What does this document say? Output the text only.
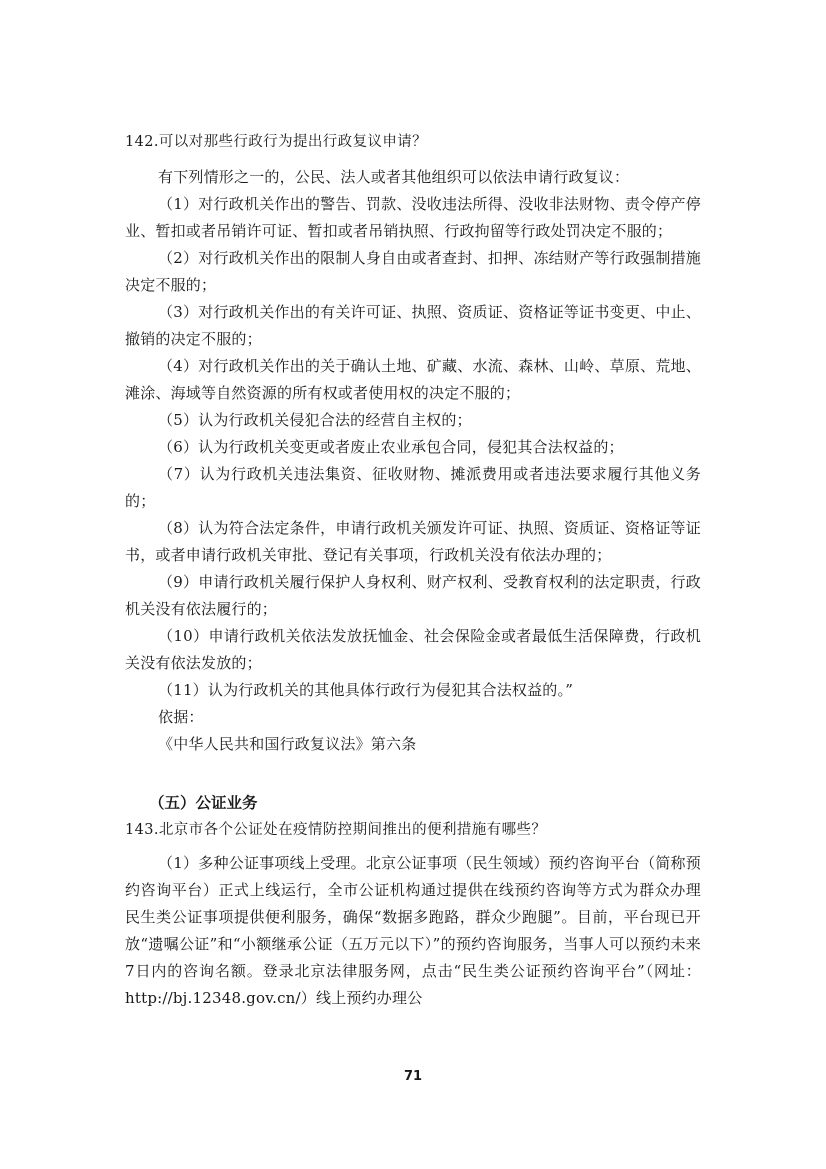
142.可以对那些行政行为提出行政复议申请？

有下列情形之一的，公民、法人或者其他组织可以依法申请行政复议：

（1）对行政机关作出的警告、罚款、没收违法所得、没收非法财物、责令停产停业、暂扣或者吊销许可证、暂扣或者吊销执照、行政拘留等行政处罚决定不服的；

（2）对行政机关作出的限制人身自由或者查封、扣押、冻结财产等行政强制措施决定不服的；

（3）对行政机关作出的有关许可证、执照、资质证、资格证等证书变更、中止、撤销的决定不服的；

（4）对行政机关作出的关于确认土地、矿藏、水流、森林、山岭、草原、荒地、滩涂、海域等自然资源的所有权或者使用权的决定不服的；

（5）认为行政机关侵犯合法的经营自主权的；

（6）认为行政机关变更或者废止农业承包合同，侵犯其合法权益的；

（7）认为行政机关违法集资、征收财物、摊派费用或者违法要求履行其他义务的；

（8）认为符合法定条件，申请行政机关颁发许可证、执照、资质证、资格证等证书，或者申请行政机关审批、登记有关事项，行政机关没有依法办理的；

（9）申请行政机关履行保护人身权利、财产权利、受教育权利的法定职责，行政机关没有依法履行的；

（10）申请行政机关依法发放抚恤金、社会保险金或者最低生活保障费，行政机关没有依法发放的；

（11）认为行政机关的其他具体行政行为侵犯其合法权益的。”

依据：

《中华人民共和国行政复议法》第六条

（五）公证业务

143.北京市各个公证处在疫情防控期间推出的便利措施有哪些？

（1）多种公证事项线上受理。北京公证事项（民生领域）预约咨询平台（简称预约咨询平台）正式上线运行，全市公证机构通过提供在线预约咨询等方式为群众办理民生类公证事项提供便利服务，确保“数据多跑路，群众少跑腿”。目前，平台现已开放“遗嘱公证”和“小额继承公证（五万元以下）”的预约咨询服务，当事人可以预约未来7日内的咨询名额。登录北京法律服务网，点击“民生类公证预约咨询平台”（网址：http://bj.12348.gov.cn/）线上预约办理公

71
